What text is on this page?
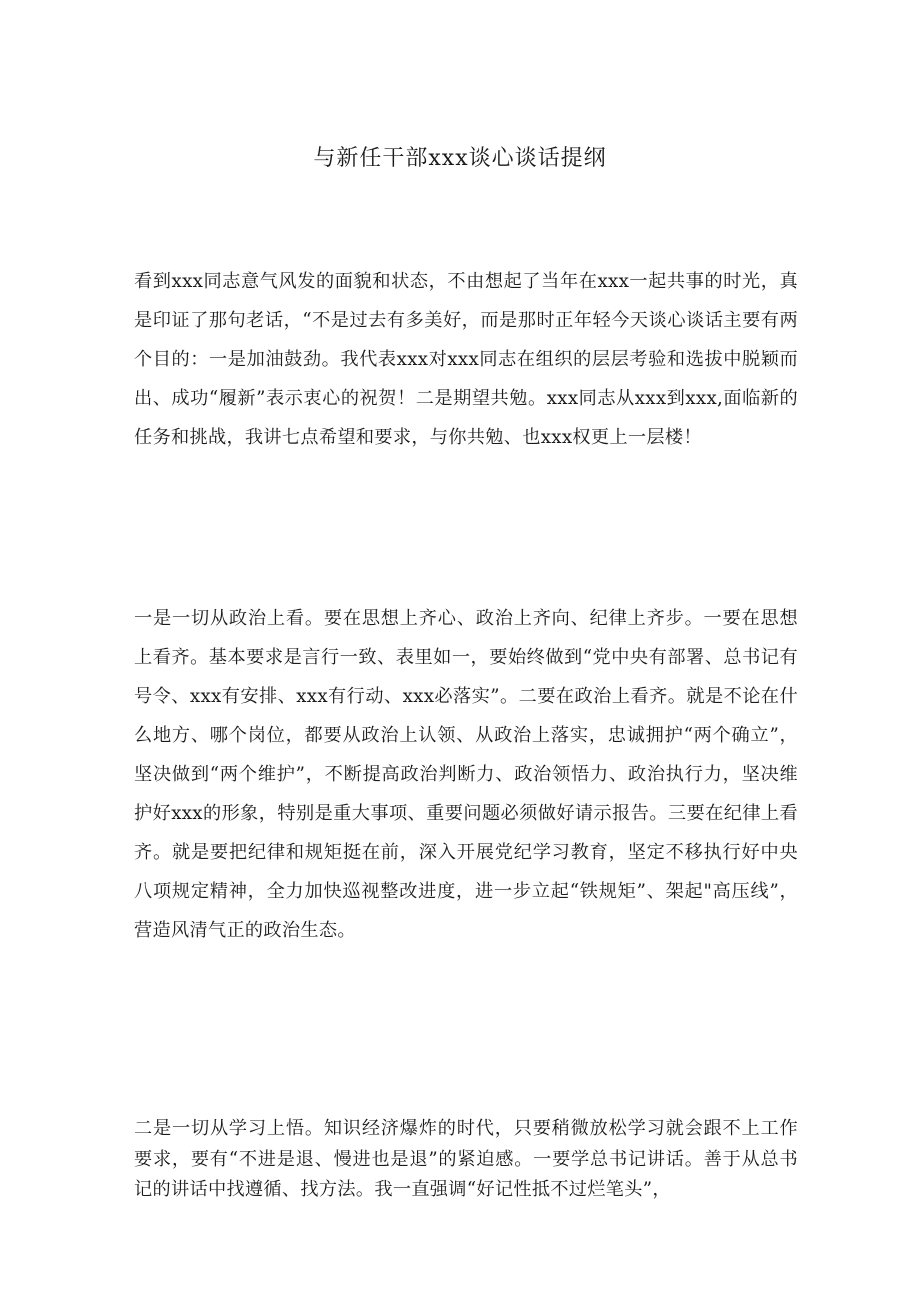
与新任干部xxx谈心谈话提纲

看到xxx同志意气风发的面貌和状态，不由想起了当年在xxx一起共事的时光，真是印证了那句老话，“不是过去有多美好，而是那时正年轻今天谈心谈话主要有两个目的：一是加油鼓劲。我代表xxx对xxx同志在组织的层层考验和选拔中脱颖而出、成功“履新”表示衷心的祝贺！二是期望共勉。xxx同志从xxx到xxx,面临新的任务和挑战，我讲七点希望和要求，与你共勉、也xxx权更上一层楼！

一是一切从政治上看。要在思想上齐心、政治上齐向、纪律上齐步。一要在思想上看齐。基本要求是言行一致、表里如一，要始终做到“党中央有部署、总书记有号令、xxx有安排、xxx有行动、xxx必落实”。二要在政治上看齐。就是不论在什么地方、哪个岗位，都要从政治上认领、从政治上落实，忠诚拥护“两个确立”，坚决做到“两个维护”，不断提高政治判断力、政治领悟力、政治执行力，坚决维护好xxx的形象，特别是重大事项、重要问题必须做好请示报告。三要在纪律上看齐。就是要把纪律和规矩挺在前，深入开展党纪学习教育，坚定不移执行好中央八项规定精神，全力加快巡视整改进度，进一步立起“铁规矩”、架起"高压线”，营造风清气正的政治生态。

二是一切从学习上悟。知识经济爆炸的时代，只要稍微放松学习就会跟不上工作要求，要有“不进是退、慢进也是退”的紧迫感。一要学总书记讲话。善于从总书记的讲话中找遵循、找方法。我一直强调“好记性抵不过烂笔头”，
